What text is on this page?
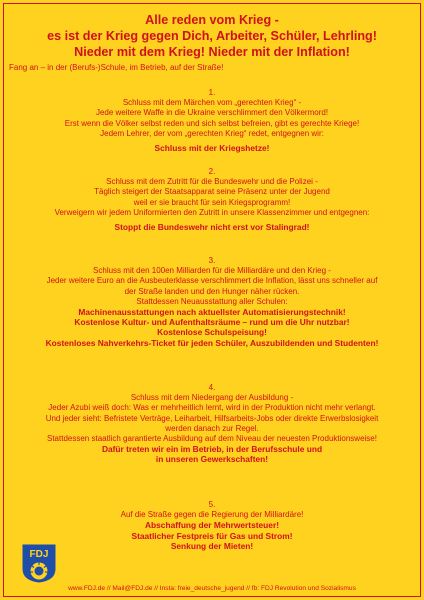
Alle reden vom Krieg -
es ist der Krieg gegen Dich, Arbeiter, Schüler, Lehrling!
Nieder mit dem Krieg! Nieder mit der Inflation!
Fang an – in der (Berufs-)Schule, im Betrieb, auf der Straße!
1.
Schluss mit dem Märchen vom „gerechten Krieg“ -
Jede weitere Waffe in die Ukraine verschlimmert den Völkermord!
Erst wenn die Völker selbst reden und sich selbst befreien, gibt es gerechte Kriege!
Jedem Lehrer, der vom „gerechten Krieg“ redet, entgegnen wir:
Schluss mit der Kriegshetze!
2.
Schluss mit dem Zutritt für die Bundeswehr und die Polizei -
Täglich steigert der Staatsapparat seine Präsenz unter der Jugend
weil er sie braucht für sein Kriegsprogramm!
Verweigern wir jedem Uniformierten den Zutritt in unsere Klassenzimmer und entgegnen:
Stoppt die Bundeswehr nicht erst vor Stalingrad!
3.
Schluss mit den 100en Milliarden für die Milliardäre und den Krieg -
Jeder weitere Euro an die Ausbeuterklasse verschlimmert die Inflation, lässt uns schneller auf
der Straße landen und den Hunger näher rücken.
Stattdessen Neuausstattung aller Schulen:
Machinenausstattungen nach aktuellster Automatisierungstechnik!
Kostenlose Kultur- und Aufenthaltsräume – rund um die Uhr nutzbar!
Kostenlose Schulspeisung!
Kostenloses Nahverkehrs-Ticket für jeden Schüler, Auszubildenden und Studenten!
4.
Schluss mit dem Niedergang der Ausbildung -
Jeder Azubi weiß doch: Was er mehrheitlich lernt, wird in der Produktion nicht mehr verlangt.
Und jeder sieht: Befristete Verträge, Leiharbeit, Hilfsarbeits-Jobs oder direkte Erwerbslosigkeit
werden danach zur Regel.
Stattdessen staatlich garantierte Ausbildung auf dem Niveau der neuesten Produktionsweise!
Dafür treten wir ein im Betrieb, in der Berufsschule und
in unseren Gewerkschaften!
5.
Auf die Straße gegen die Regierung der Milliardäre!
Abschaffung der Mehrwertsteuer!
Staatlicher Festpreis für Gas und Strom!
Senkung der Mieten!
FDJ
www.FDJ.de // Mail@FDJ.de // Insta: freie_deutsche_jugend // fb: FDJ Revolution und Sozialismus
